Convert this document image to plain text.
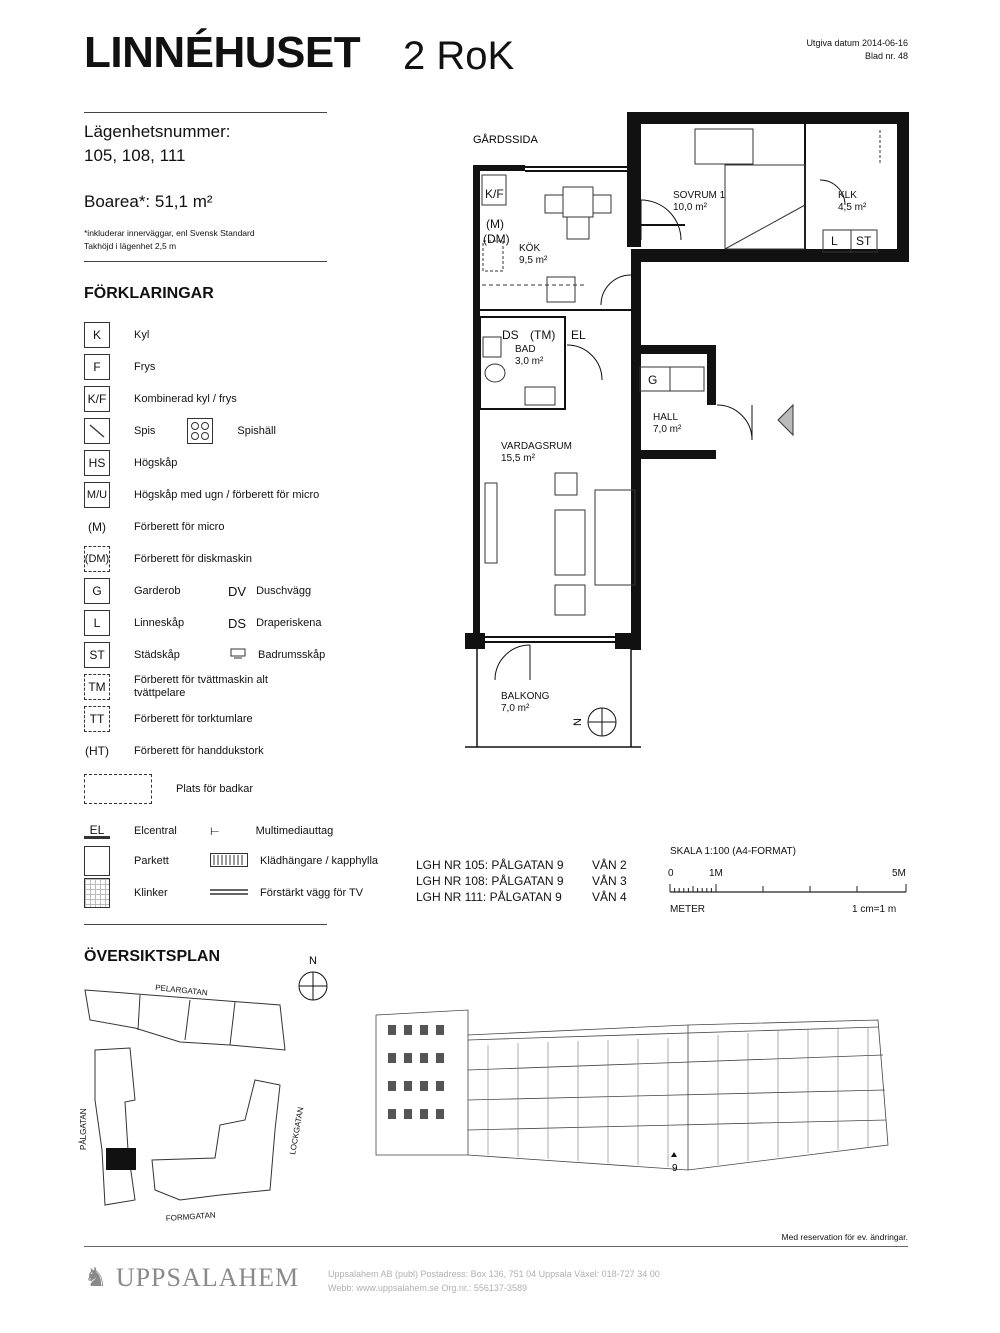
LINNÉHUSET 2 RoK	Utgiva datum 2014-06-16
Blad nr. 48
Lägenhetsnummer:
105, 108, 111
Boarea*: 51,1 m²
*inkluderar innerväggar, enl Svensk Standard
Takhöjd i lägenhet 2,5 m
FÖRKLARINGAR
K	Kyl
F	Frys
K/F	Kombinerad kyl / frys
Spis	Spishäll
HS	Högskåp
M/U Högskåp med ugn / förberett för micro
(M)	Förberett för micro
(DM) Förberett för diskmaskin
G	Garderob	DV Duschvägg
L	Linneskåp	DS Draperiskena
ST	Städskåp	Badrumsskåp
TM	Förberett för tvättmaskin alt tvättpelare
TT	Förberett för torktumlare
(HT) Förberett för handdukstork
Plats för badkar
EL	Elcentral	⊢	Multimediauttag
Parkett	Klädhängare / kapphylla
Klinker	Förstärkt vägg för TV
LGH NR 105: PÅLGATAN 9 VÅN 2
LGH NR 108: PÅLGATAN 9 VÅN 3
LGH NR 111: PÅLGATAN 9	VÅN 4
SKALA 1:100 (A4-FORMAT)
0	1M	5M
METER	1 cm=1 m
GÅRDSSIDA
K/F
(M)
(DM)
KÖK
9,5 m²
SOVRUM 1
10,0 m²
KLK
4,5 m²
L ST
DS (TM) EL
BAD
3,0 m²
G
HALL
7,0 m²
VARDAGSRUM
15,5 m²
BALKONG
7,0 m²
N
ÖVERSIKTSPLAN	N
PELARGATAN
PÅLGATAN	LOCKGATAN
FORMGATAN
9
Med reservation för ev. ändringar.
♞ UPPSALAHEM	Uppsalahem AB (publ) Postadress: Box 136, 751 04 Uppsala Växel: 018-727 34 00
Webb: www.uppsalahem.se Org.nr.: 556137-3589
